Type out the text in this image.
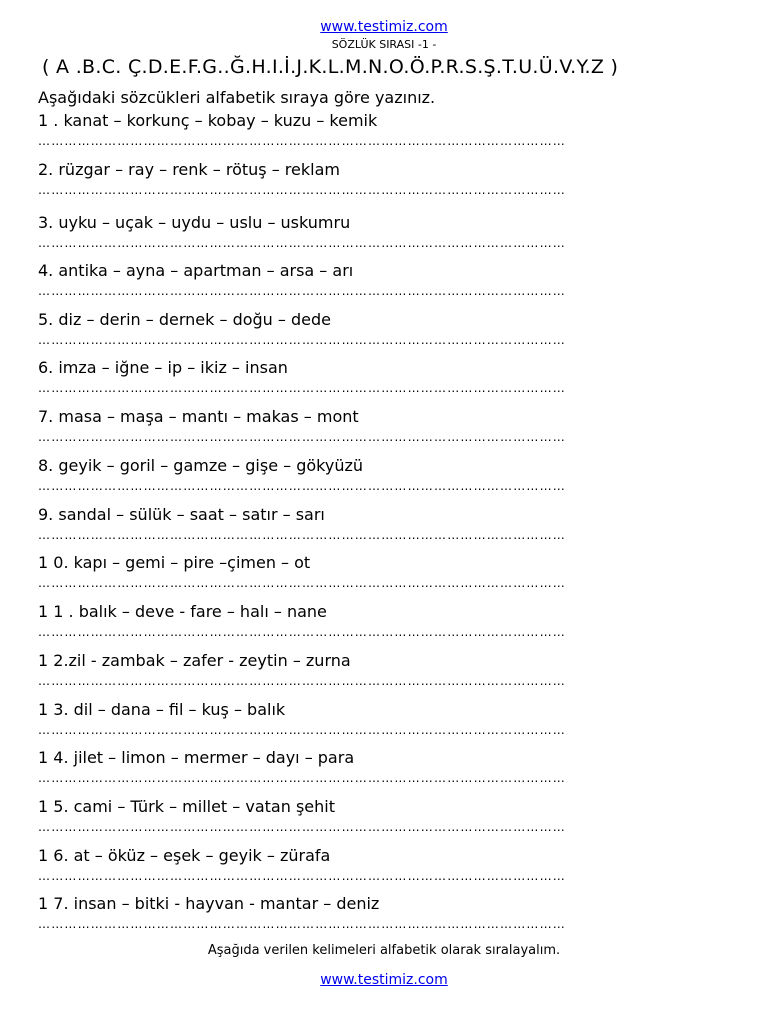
www.testimiz.com
SÖZLÜK SIRASI -1 -
( A .B.C. Ç.D.E.F.G..Ğ.H.I.İ.J.K.L.M.N.O.Ö.P.R.S.Ş.T.U.Ü.V.Y.Z )
Aşağıdaki sözcükleri alfabetik sıraya göre yazınız.
1 . kanat – korkunç – kobay – kuzu – kemik
…………………………………………………………………………………………………………
2. rüzgar – ray – renk – rötuş – reklam
…………………………………………………………………………………………………………
3. uyku – uçak – uydu – uslu – uskumru
…………………………………………………………………………………………………………
4. antika – ayna – apartman – arsa – arı
…………………………………………………………………………………………………………
5. diz – derin – dernek – doğu – dede
…………………………………………………………………………………………………………
6. imza – iğne – ip – ikiz – insan
…………………………………………………………………………………………………………
7. masa – maşa – mantı – makas – mont
…………………………………………………………………………………………………………
8. geyik – goril – gamze – gişe – gökyüzü
…………………………………………………………………………………………………………
9. sandal – sülük – saat – satır – sarı
…………………………………………………………………………………………………………
1 0. kapı – gemi – pire –çimen – ot
…………………………………………………………………………………………………………
1 1 . balık – deve - fare – halı – nane
…………………………………………………………………………………………………………
1 2.zil - zambak – zafer - zeytin – zurna
…………………………………………………………………………………………………………
1 3. dil – dana – fil – kuş – balık
…………………………………………………………………………………………………………
1 4. jilet – limon – mermer – dayı – para
…………………………………………………………………………………………………………
1 5. cami – Türk – millet – vatan şehit
…………………………………………………………………………………………………………
1 6. at – öküz – eşek – geyik – zürafa
…………………………………………………………………………………………………………
1 7. insan – bitki - hayvan - mantar – deniz
…………………………………………………………………………………………………………
Aşağıda verilen kelimeleri alfabetik olarak sıralayalım.
www.testimiz.com
